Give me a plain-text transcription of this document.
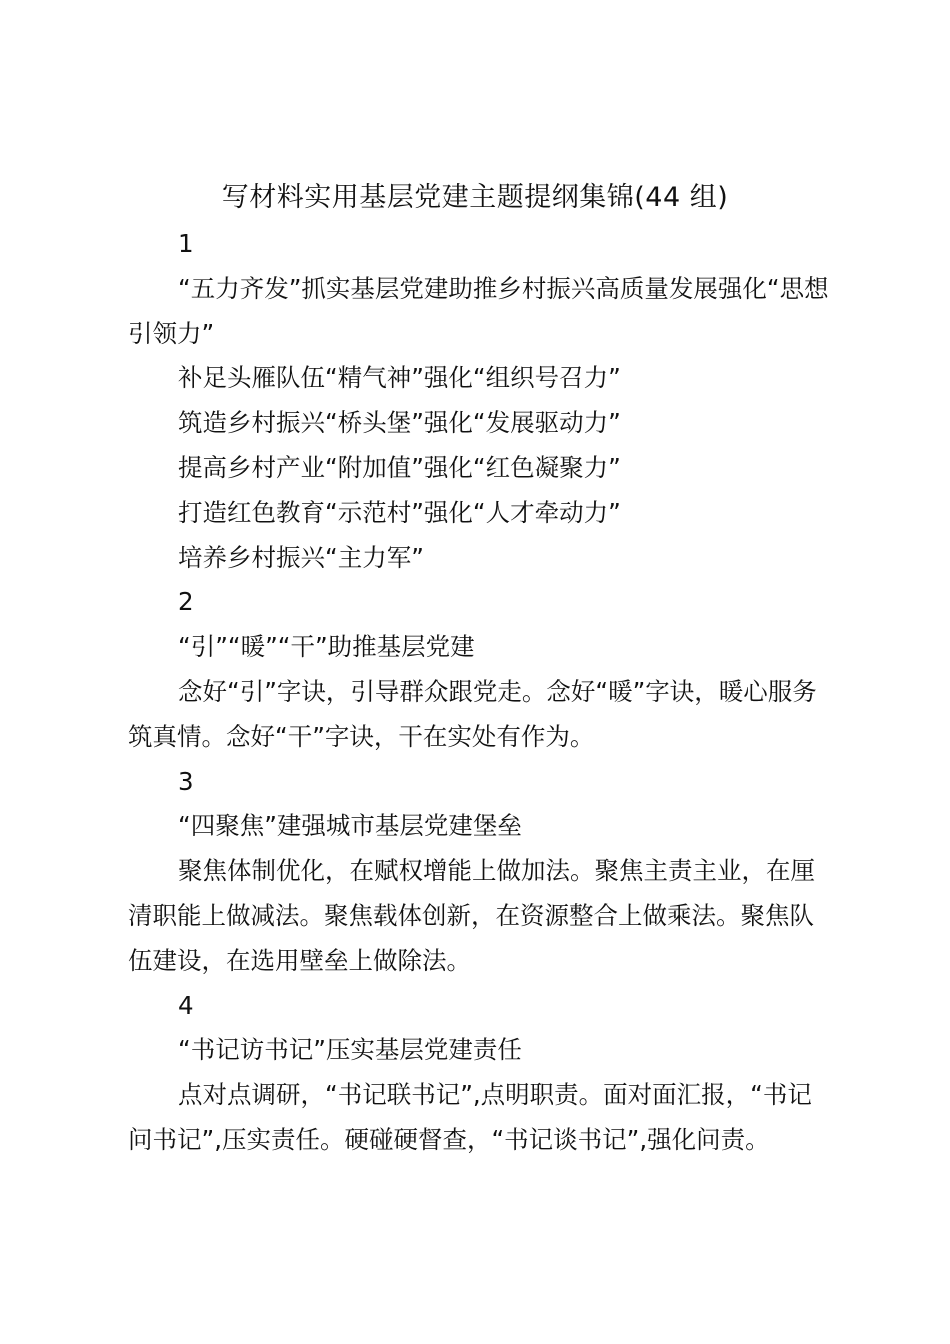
写材料实用基层党建主题提纲集锦(44 组)

1

“五力齐发”抓实基层党建助推乡村振兴高质量发展强化“思想引领力”

补足头雁队伍“精气神”强化“组织号召力”

筑造乡村振兴“桥头堡”强化“发展驱动力”

提高乡村产业“附加值”强化“红色凝聚力”

打造红色教育“示范村”强化“人才牵动力”

培养乡村振兴“主力军”

2

“引”“暖”“干”助推基层党建

念好“引”字诀，引导群众跟党走。念好“暖”字诀，暖心服务筑真情。念好“干”字诀，干在实处有作为。

3

“四聚焦”建强城市基层党建堡垒

聚焦体制优化，在赋权增能上做加法。聚焦主责主业，在厘清职能上做减法。聚焦载体创新，在资源整合上做乘法。聚焦队伍建设，在选用壁垒上做除法。

4

“书记访书记”压实基层党建责任

点对点调研，“书记联书记”,点明职责。面对面汇报，“书记问书记”,压实责任。硬碰硬督查，“书记谈书记”,强化问责。
